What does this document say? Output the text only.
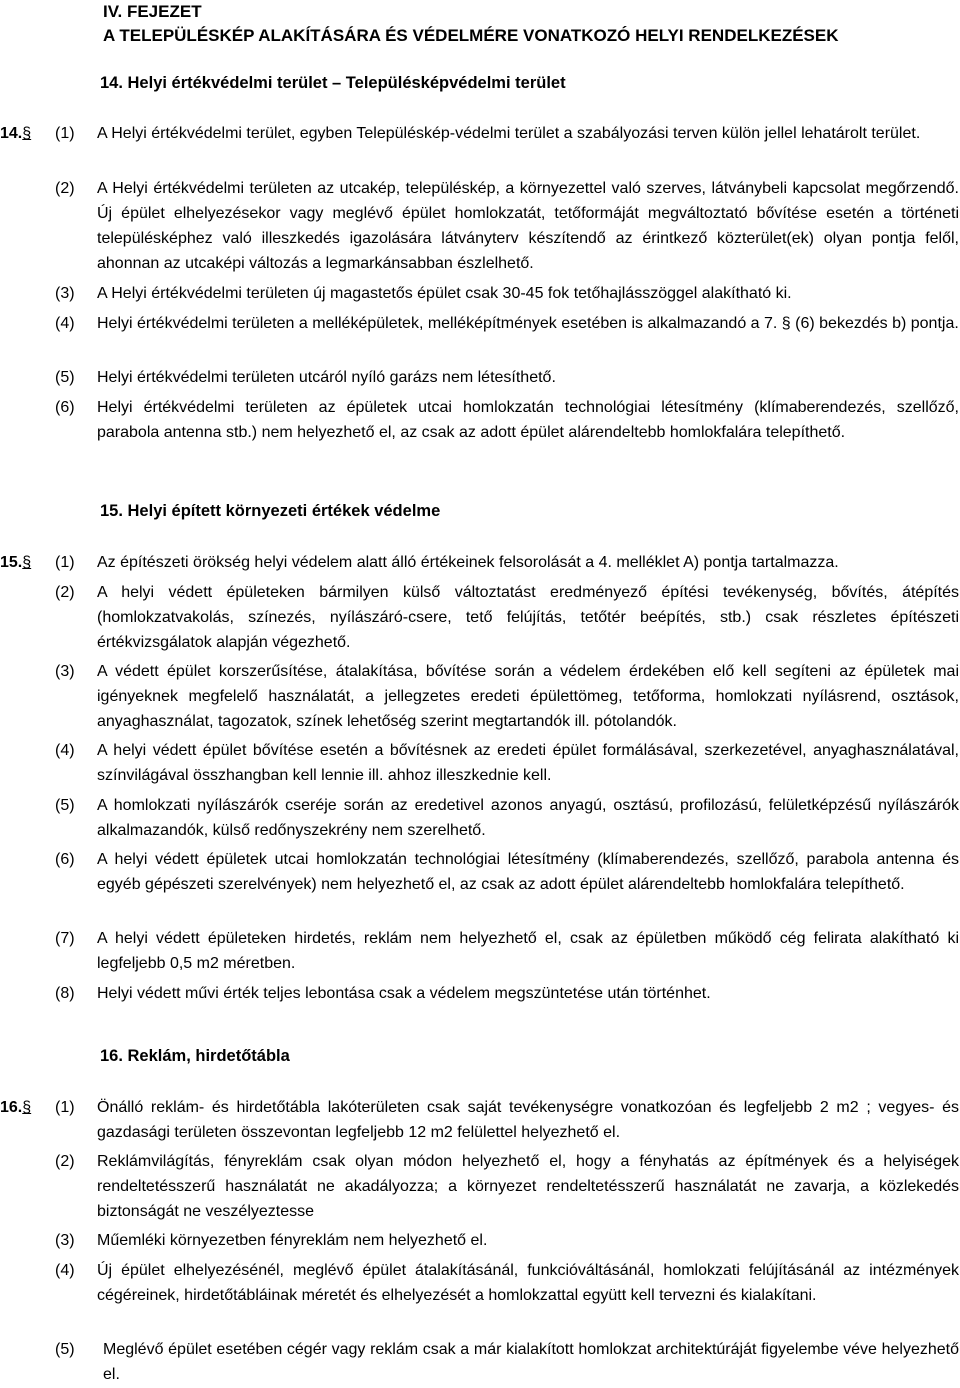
IV. FEJEZET
A TELEPÜLÉSKÉP ALAKÍTÁSÁRA ÉS VÉDELMÉRE VONATKOZÓ HELYI RENDELKEZÉSEK
14. Helyi értékvédelmi terület – Településképvédelmi terület
14.§ (1) A Helyi értékvédelmi terület, egyben Településkép-védelmi terület a szabályozási terven külön jellel lehatárolt terület.
(2) A Helyi értékvédelmi területen az utcakép, településkép, a környezettel való szerves, látványbeli kapcsolat megőrzendő. Új épület elhelyezésekor vagy meglévő épület homlokzatát, tetőformáját megváltoztató bővítése esetén a történeti településképhez való illeszkedés igazolására látványterv készítendő az érintkező közterület(ek) olyan pontja felől, ahonnan az utcaképi változás a legmarkánsabban észlelhető.
(3) A Helyi értékvédelmi területen új magastetős épület csak 30-45 fok tetőhajlásszöggel alakítható ki.
(4) Helyi értékvédelmi területen a melléképületek, melléképítmények esetében is alkalmazandó a 7. § (6) bekezdés b) pontja.
(5) Helyi értékvédelmi területen utcáról nyíló garázs nem létesíthető.
(6) Helyi értékvédelmi területen az épületek utcai homlokzatán technológiai létesítmény (klímaberendezés, szellőző, parabola antenna stb.) nem helyezhető el, az csak az adott épület alárendeltebb homlokfalára telepíthető.
15. Helyi épített környezeti értékek védelme
15.§ (1) Az építészeti örökség helyi védelem alatt álló értékeinek felsorolását a 4. melléklet A) pontja tartalmazza.
(2) A helyi védett épületeken bármilyen külső változtatást eredményező építési tevékenység, bővítés, átépítés (homlokzatvakolás, színezés, nyílászáró-csere, tető felújítás, tetőtér beépítés, stb.) csak részletes építészeti értékvizsgálatok alapján végezhető.
(3) A védett épület korszerűsítése, átalakítása, bővítése során a védelem érdekében elő kell segíteni az épületek mai igényeknek megfelelő használatát, a jellegzetes eredeti épülettömeg, tetőforma, homlokzati nyílásrend, osztások, anyaghasználat, tagozatok, színek lehetőség szerint megtartandók ill. pótolandók.
(4) A helyi védett épület bővítése esetén a bővítésnek az eredeti épület formálásával, szerkezetével, anyaghasználatával, színvilágával összhangban kell lennie ill. ahhoz illeszkednie kell.
(5) A homlokzati nyílászárók cseréje során az eredetivel azonos anyagú, osztású, profilozású, felületképzésű nyílászárók alkalmazandók, külső redőnyszekrény nem szerelhető.
(6) A helyi védett épületek utcai homlokzatán technológiai létesítmény (klímaberendezés, szellőző, parabola antenna és egyéb gépészeti szerelvények) nem helyezhető el, az csak az adott épület alárendeltebb homlokfalára telepíthető.
(7) A helyi védett épületeken hirdetés, reklám nem helyezhető el, csak az épületben működő cég felirata alakítható ki legfeljebb 0,5 m2 méretben.
(8) Helyi védett művi érték teljes lebontása csak a védelem megszüntetése után történhet.
16. Reklám, hirdetőtábla
16.§ (1) Önálló reklám- és hirdetőtábla lakóterületen csak saját tevékenységre vonatkozóan és legfeljebb 2 m2 ; vegyes- és gazdasági területen összevontan legfeljebb 12 m2 felülettel helyezhető el.
(2) Reklámvilágítás, fényreklám csak olyan módon helyezhető el, hogy a fényhatás az építmények és a helyiségek rendeltetésszerű használatát ne akadályozza; a környezet rendeltetésszerű használatát ne zavarja, a közlekedés biztonságát ne veszélyeztesse
(3) Műemléki környezetben fényreklám nem helyezhető el.
(4) Új épület elhelyezésénél, meglévő épület átalakításánál, funkcióváltásánál, homlokzati felújításánál az intézmények cégéreinek, hirdetőtábláinak méretét és elhelyezését a homlokzattal együtt kell tervezni és kialakítani.
(5)	Meglévő épület esetében cégér vagy reklám csak a már kialakított homlokzat architektúráját figyelembe véve helyezhető el.
